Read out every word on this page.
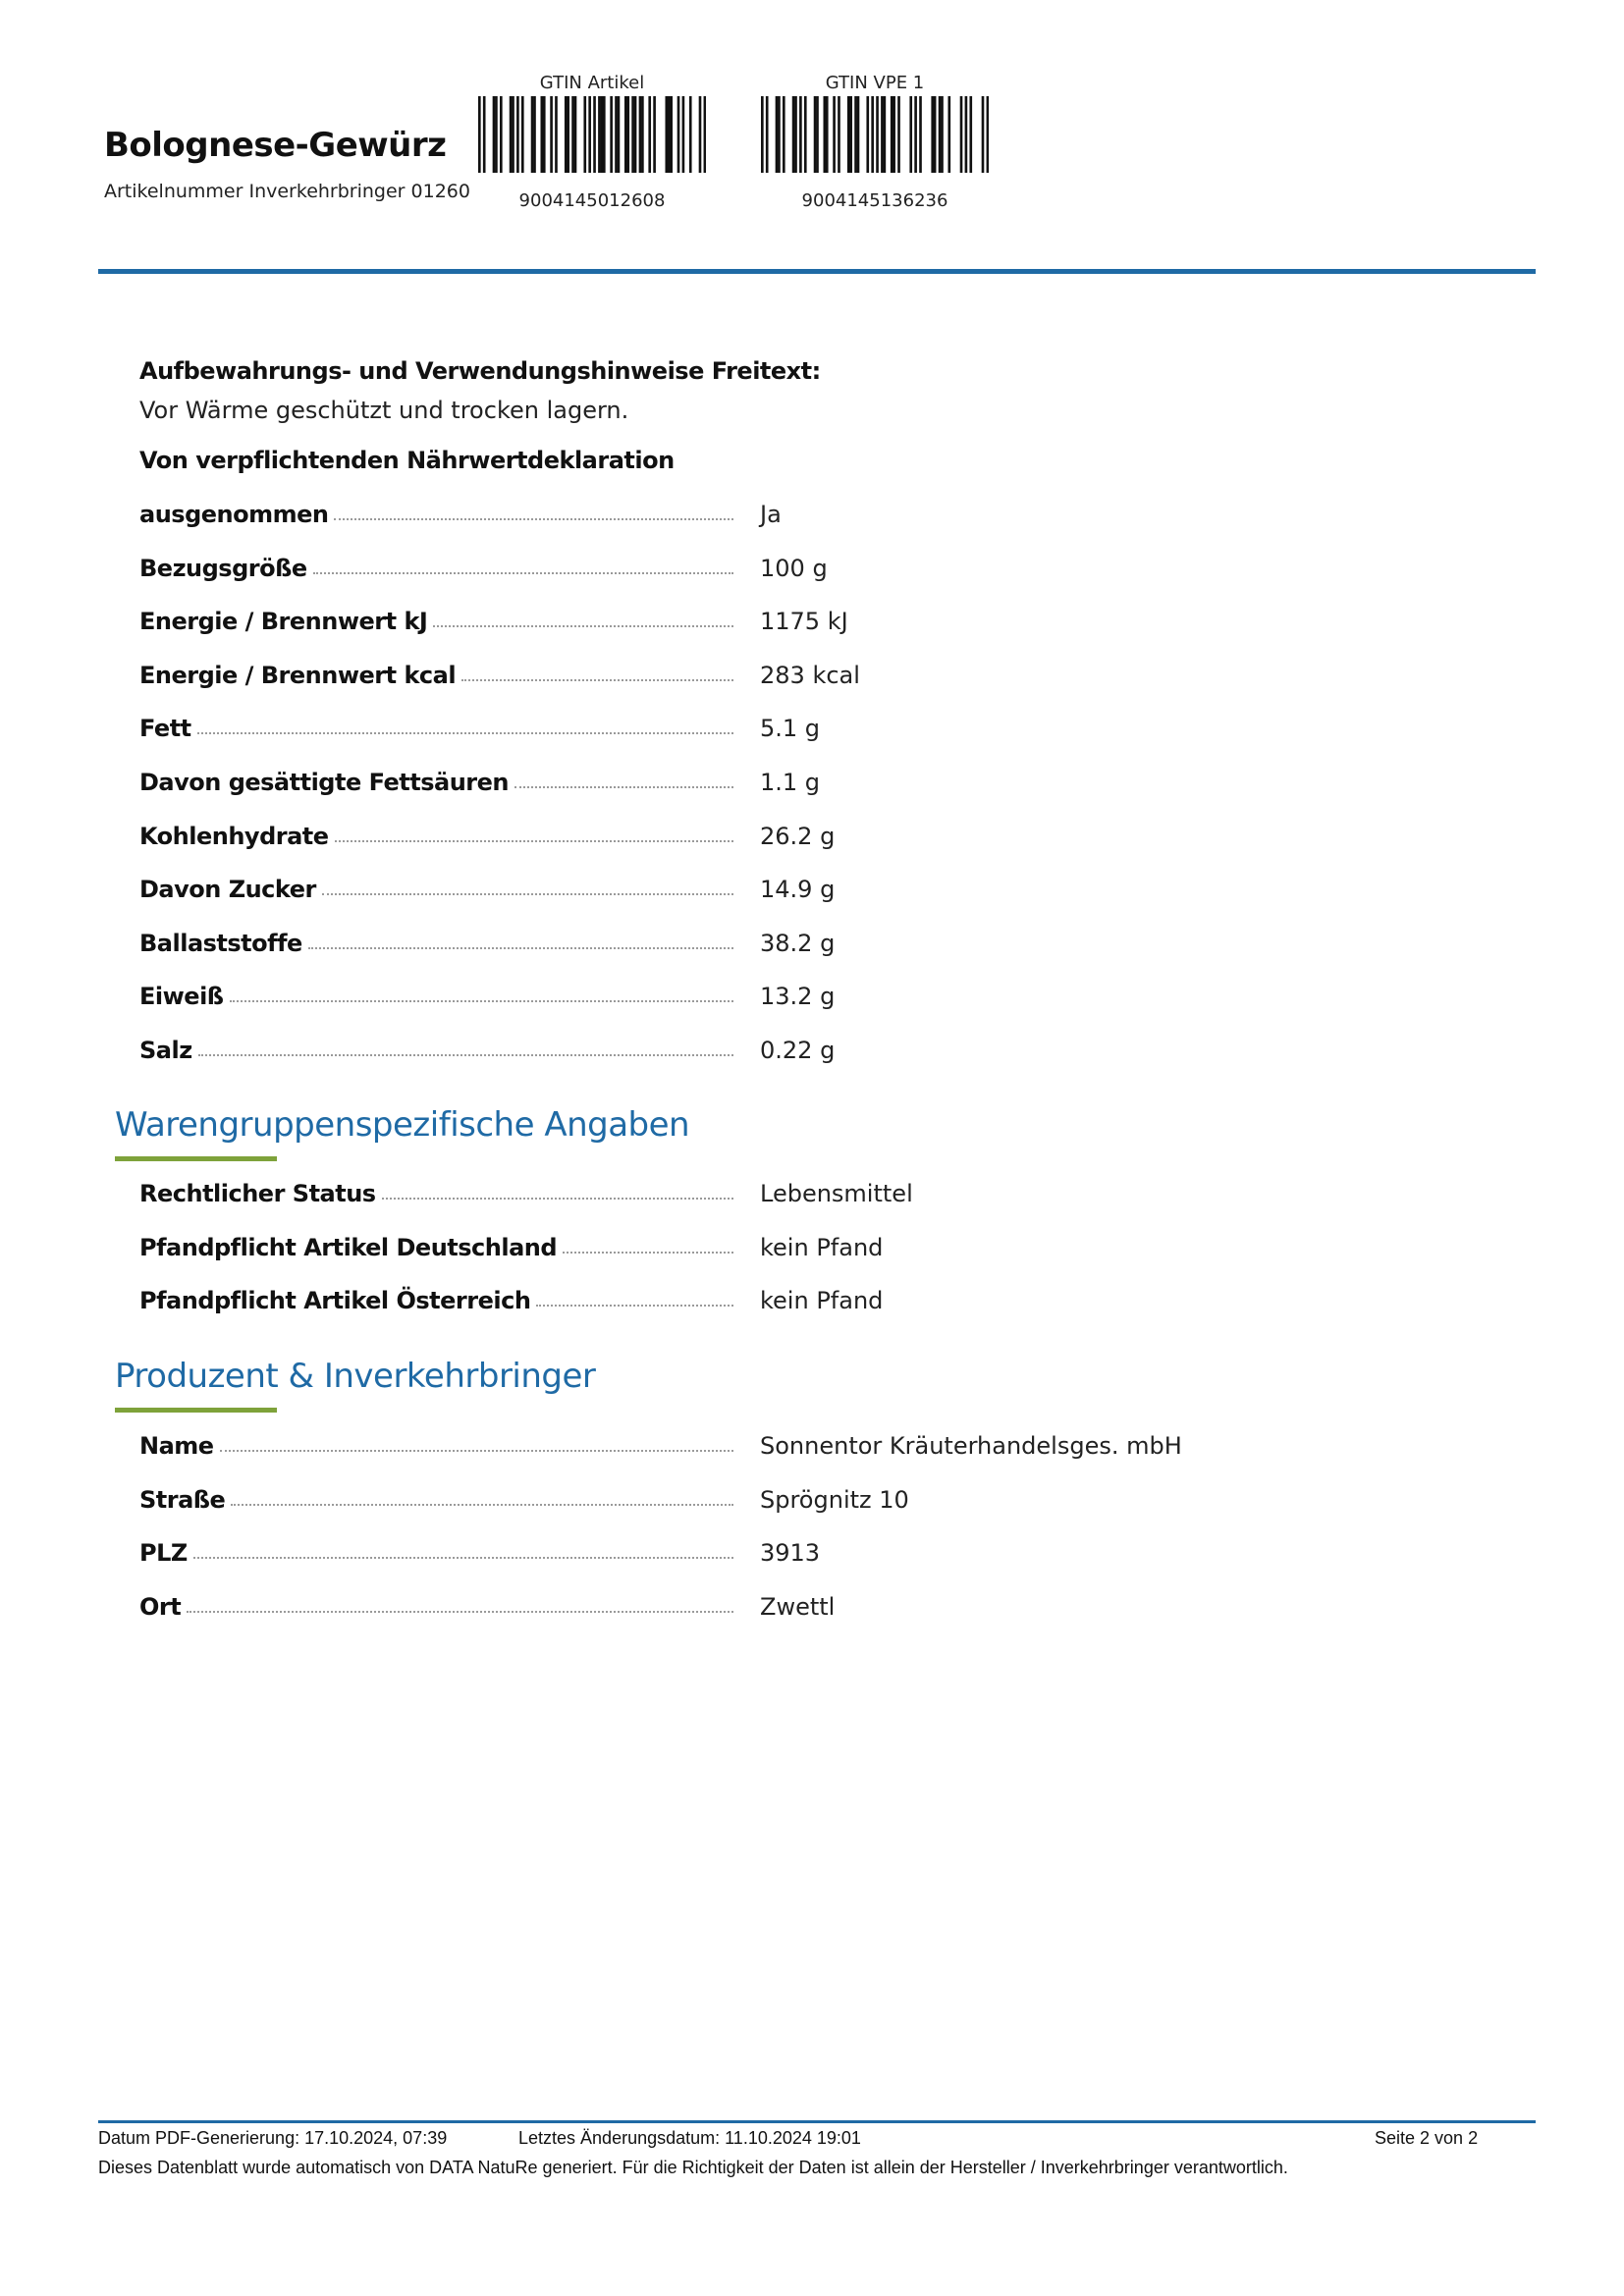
Bolognese-Gewürz
Artikelnummer Inverkehrbringer 01260
GTIN Artikel
9004145012608
GTIN VPE 1
9004145136236
Aufbewahrungs- und Verwendungshinweise Freitext:
Vor Wärme geschützt und trocken lagern.
Von verpflichtenden Nährwertdeklaration
ausgenommen	Ja
Bezugsgröße	100 g
Energie / Brennwert kJ	1175 kJ
Energie / Brennwert kcal	283 kcal
Fett	5.1 g
Davon gesättigte Fettsäuren	1.1 g
Kohlenhydrate	26.2 g
Davon Zucker	14.9 g
Ballaststoffe	38.2 g
Eiweiß	13.2 g
Salz	0.22 g
Warengruppenspezifische Angaben
Rechtlicher Status	Lebensmittel
Pfandpflicht Artikel Deutschland	kein Pfand
Pfandpflicht Artikel Österreich	kein Pfand
Produzent & Inverkehrbringer
Name	Sonnentor Kräuterhandelsges. mbH
Straße	Sprögnitz 10
PLZ	3913
Ort	Zwettl
Datum PDF-Generierung: 17.10.2024, 07:39	Letztes Änderungsdatum: 11.10.2024 19:01	Seite 2 von 2
Dieses Datenblatt wurde automatisch von DATA NatuRe generiert. Für die Richtigkeit der Daten ist allein der Hersteller / Inverkehrbringer verantwortlich.
